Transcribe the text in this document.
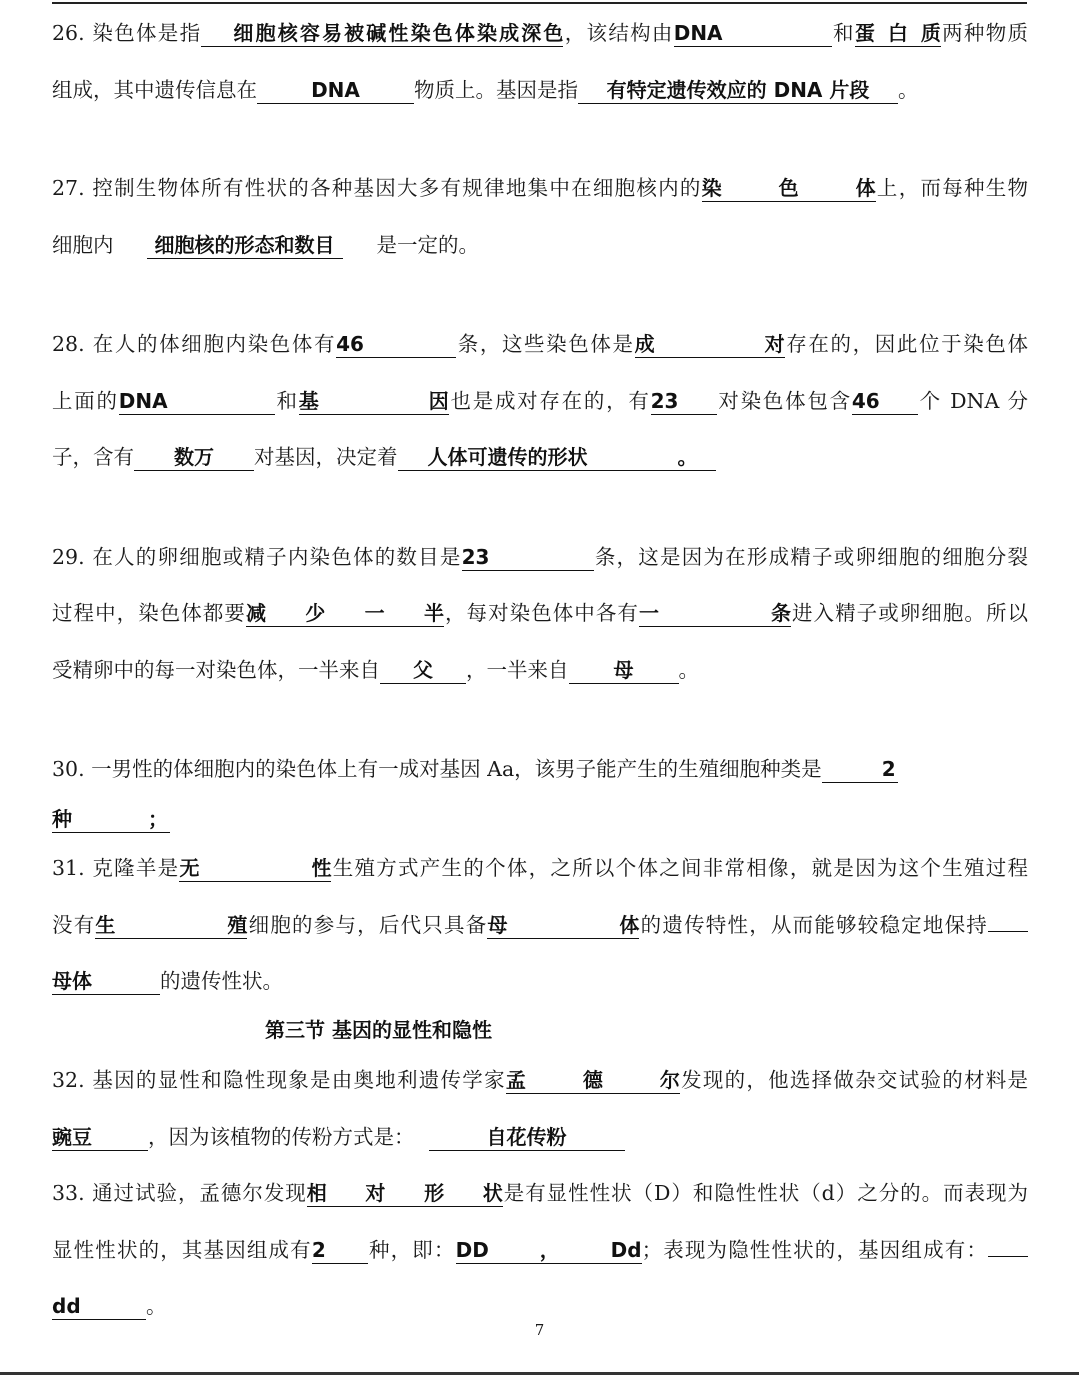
26. 染色体是指 细胞核容易被碱性染色体染成深色，该结构由DNA	和蛋白质两种物质
组成，其中遗传信息在	DNA	物质上。基因是指 有特定遗传效应的 DNA 片段 。
27. 控制生物体所有性状的各种基因大多有规律地集中在细胞核内的染色体上，而每种生物
细胞内 细胞核的形态和数目 是一定的。
28. 在人的体细胞内染色体有46	条，这些染色体是成对存在的，因此位于染色体
上面的DNA	和基因也是成对存在的，有23 对染色体包含46 个 DNA 分
子，含有 数万 对基因，决定着 人体可遗传的形状	。
29. 在人的卵细胞或精子内染色体的数目是23	条，这是因为在形成精子或卵细胞的细胞分裂
过程中，染色体都要减少一半，每对染色体中各有一条进入精子或卵细胞。所以
受精卵中的每一对染色体，一半来自 父 ，一半来自 母 。
30. 一男性的体细胞内的染色体上有一成对基因 Aa，该男子能产生的生殖细胞种类是	2
种	；
31. 克隆羊是无性生殖方式产生的个体，之所以个体之间非常相像，就是因为这个生殖过程
没有生殖细胞的参与，后代只具备母体的遗传特性，从而能够较稳定地保持
母体	的遗传性状。
第三节 基因的显性和隐性
32. 基因的显性和隐性现象是由奥地利遗传学家孟德尔发现的，他选择做杂交试验的材料是
豌豆	，因为该植物的传粉方式是：	自花传粉
33. 通过试验，孟德尔发现相对形状是有显性性状（D）和隐性性状（d）之分的。而表现为
显性性状的，其基因组成有2 种，即：DD，Dd；表现为隐性性状的，基因组成有：
dd	。
7
